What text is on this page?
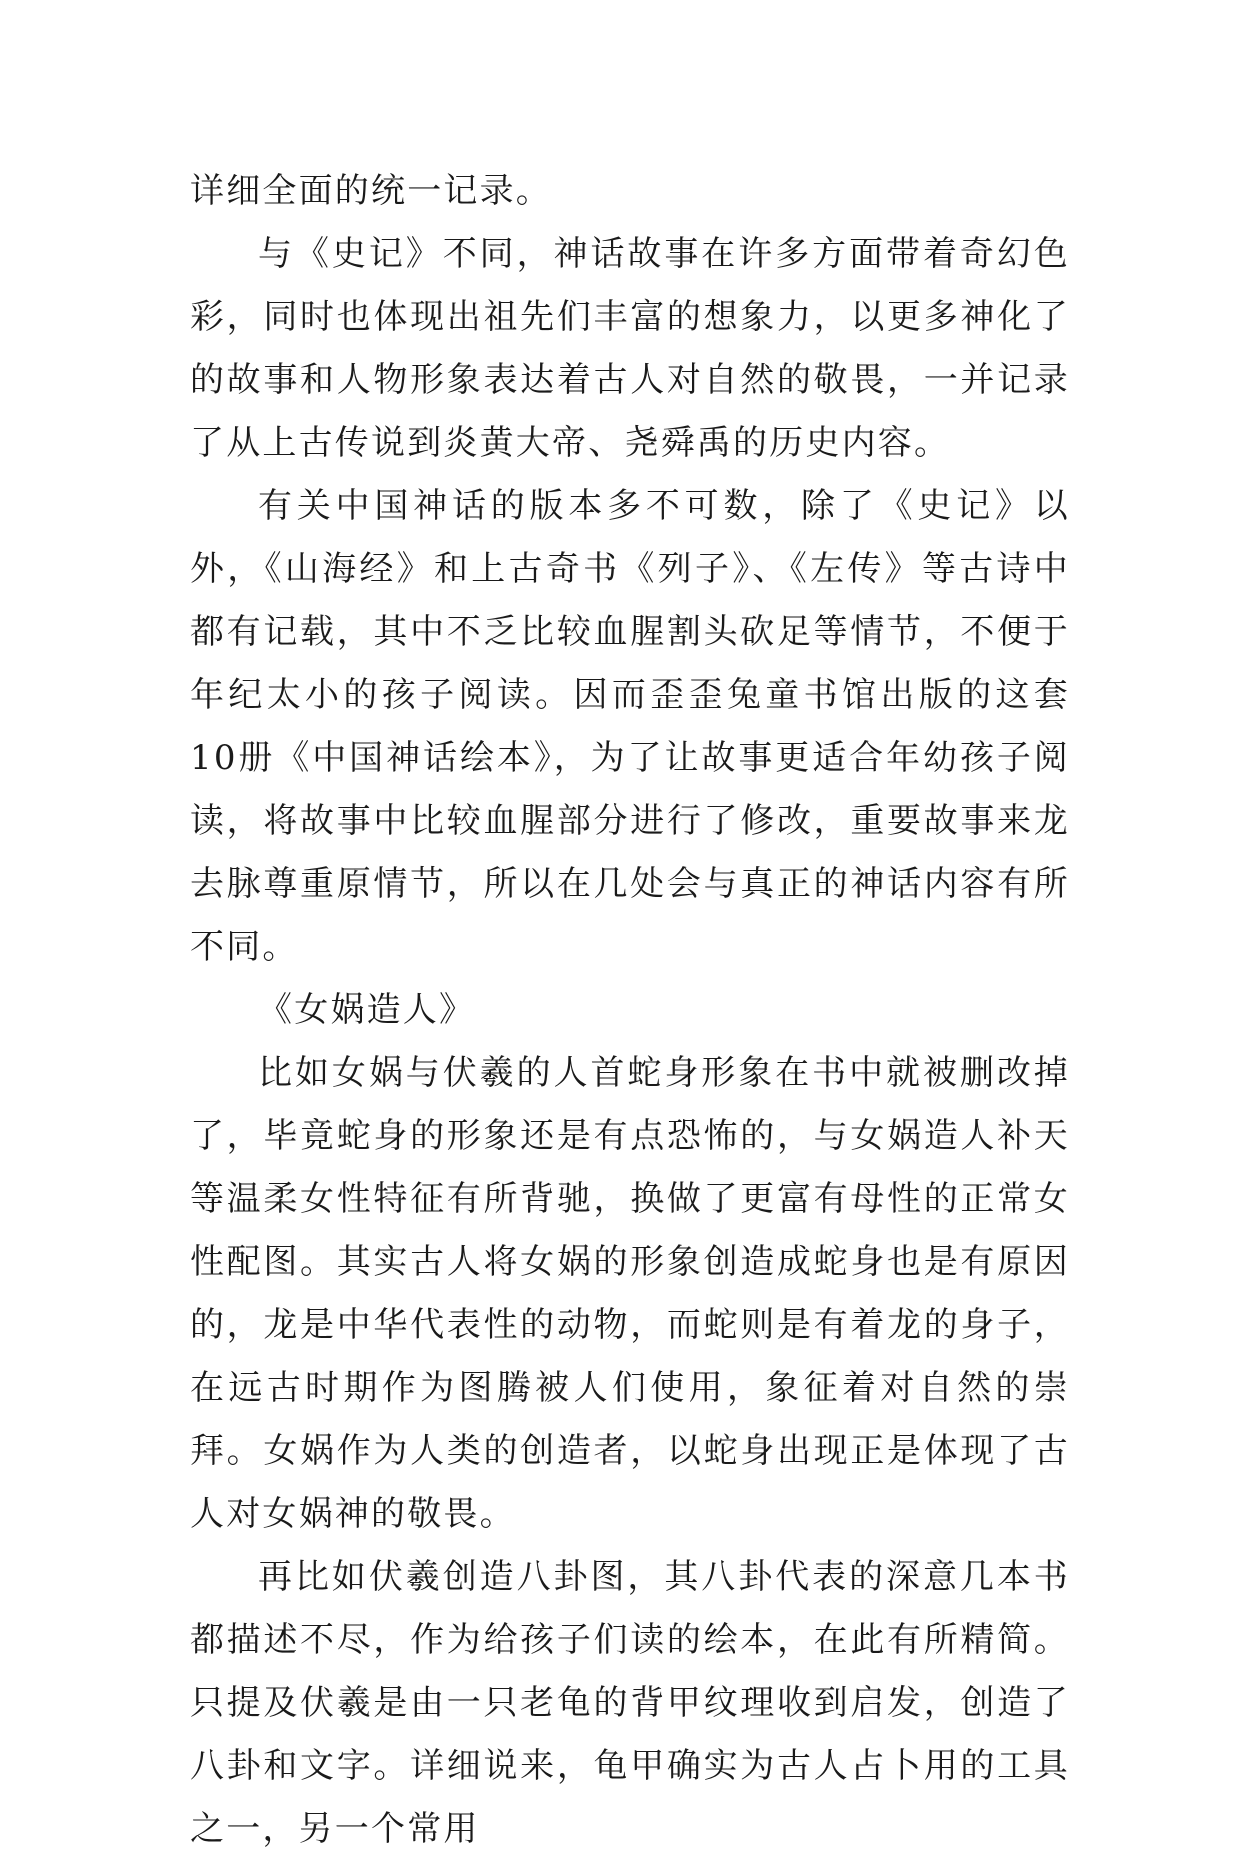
详细全面的统一记录。

与《史记》不同，神话故事在许多方面带着奇幻色彩，同时也体现出祖先们丰富的想象力，以更多神化了的故事和人物形象表达着古人对自然的敬畏，一并记录了从上古传说到炎黄大帝、尧舜禹的历史内容。

有关中国神话的版本多不可数，除了《史记》以外，《山海经》和上古奇书《列子》、《左传》等古诗中都有记载，其中不乏比较血腥割头砍足等情节，不便于年纪太小的孩子阅读。因而歪歪兔童书馆出版的这套10册《中国神话绘本》，为了让故事更适合年幼孩子阅读，将故事中比较血腥部分进行了修改，重要故事来龙去脉尊重原情节，所以在几处会与真正的神话内容有所不同。

《女娲造人》

比如女娲与伏羲的人首蛇身形象在书中就被删改掉了，毕竟蛇身的形象还是有点恐怖的，与女娲造人补天等温柔女性特征有所背驰，换做了更富有母性的正常女性配图。其实古人将女娲的形象创造成蛇身也是有原因的，龙是中华代表性的动物，而蛇则是有着龙的身子，在远古时期作为图腾被人们使用，象征着对自然的崇拜。女娲作为人类的创造者，以蛇身出现正是体现了古人对女娲神的敬畏。

再比如伏羲创造八卦图，其八卦代表的深意几本书都描述不尽，作为给孩子们读的绘本，在此有所精简。只提及伏羲是由一只老龟的背甲纹理收到启发，创造了八卦和文字。详细说来，龟甲确实为古人占卜用的工具之一，另一个常用
